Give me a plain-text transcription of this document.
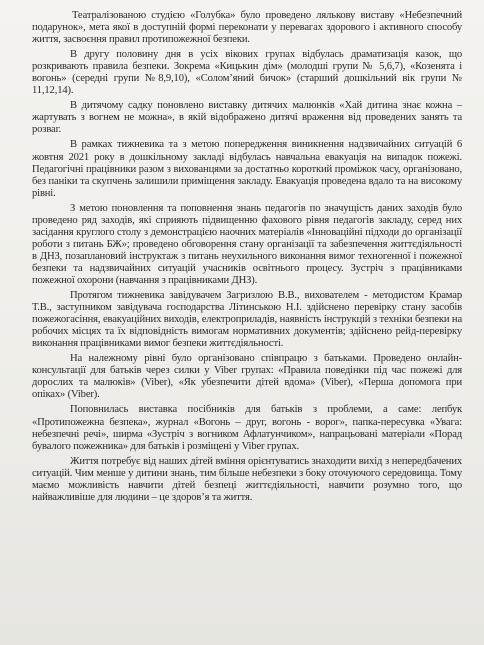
Театралізованою студією «Голубка» було проведено лялькову виставу «Небезпечний подарунок», мета якої в доступній формі переконати у перевагах здорового і активного способу життя, засвоєння правил протипожежної безпеки.

В другу половину дня в усіх вікових групах відбулась драматизація казок, що розкривають правила безпеки. Зокрема «Кицькин дім» (молодші групи № 5,6,7), «Козенята і вогонь» (середні групи №8,9,10), «Солом’яний бичок» (старший дошкільний вік групи № 11,12,14).

В дитячому садку поновлено виставку дитячих малюнків «Хай дитина знає кожна – жартувать з вогнем не можна», в якій відображено дитячі враження від проведених занять та розваг.

В рамках тижневика та з метою попередження виникнення надзвичайних ситуацій 6 жовтня 2021 року в дошкільному закладі відбулась навчальна евакуація на випадок пожежі. Педагогічні працівники разом з вихованцями за достатньо короткий проміжок часу, організовано, без паніки та скупчень залишили приміщення закладу. Евакуація проведена вдало та на високому рівні.

З метою поновлення та поповнення знань педагогів по значущість даних заходів було проведено ряд заходів, які сприяють підвищенню фахового рівня педагогів закладу, серед них засідання круглого столу з демонстрацією наочних матеріалів «Інноваційні підходи до організації роботи з питань БЖ»; проведено обговорення стану організації та забезпечення життєдіяльності в ДНЗ, позаплановий інструктаж з питань неухильного виконання вимог техногенної і пожежної безпеки та надзвичайних ситуацій учасників освітнього процесу. Зустріч з працівниками пожежної охорони (навчання з працівниками ДНЗ).

Протягом тижневика завідувачем Загризлою В.В., вихователем - методистом Крамар Т.В., заступником завідувача господарства Літинською Н.І. здійснено перевірку стану засобів пожежогасіння, евакуаційних виходів, електроприладів, наявність інструкцій з техніки безпеки на робочих місцях та їх відповідність вимогам нормативних документів; здійснено рейд-перевірку виконання працівниками вимог безпеки життєдіяльності.

На належному рівні було організовано співпрацю з батьками. Проведено онлайн-консультації для батьків через силки у Viber групах: «Правила поведінки під час пожежі для дорослих та малюків» (Viber), «Як убезпечити дітей вдома» (Viber), «Перша допомога при опіках» (Viber).

Поповнилась виставка посібників для батьків з проблеми, а саме: лепбук «Протипожежна безпека», журнал «Вогонь – друг, вогонь - ворог», папка-пересувка «Увага: небезпечні речі», ширма «Зустріч з вогником Афлатунчиком», напрацьовані матеріали «Порад бувалого пожежника» для батьків і розміщені у Viber групах.

Життя потребує від наших дітей вміння орієнтуватись знаходити вихід з непередбачених ситуацій. Чим менше у дитини знань, тим більше небезпеки з боку оточуючого середовища. Тому маємо можливість навчити дітей безпеці життєдіяльності, навчити розумно того, що найважливіше для людини – це здоров’я та життя.
